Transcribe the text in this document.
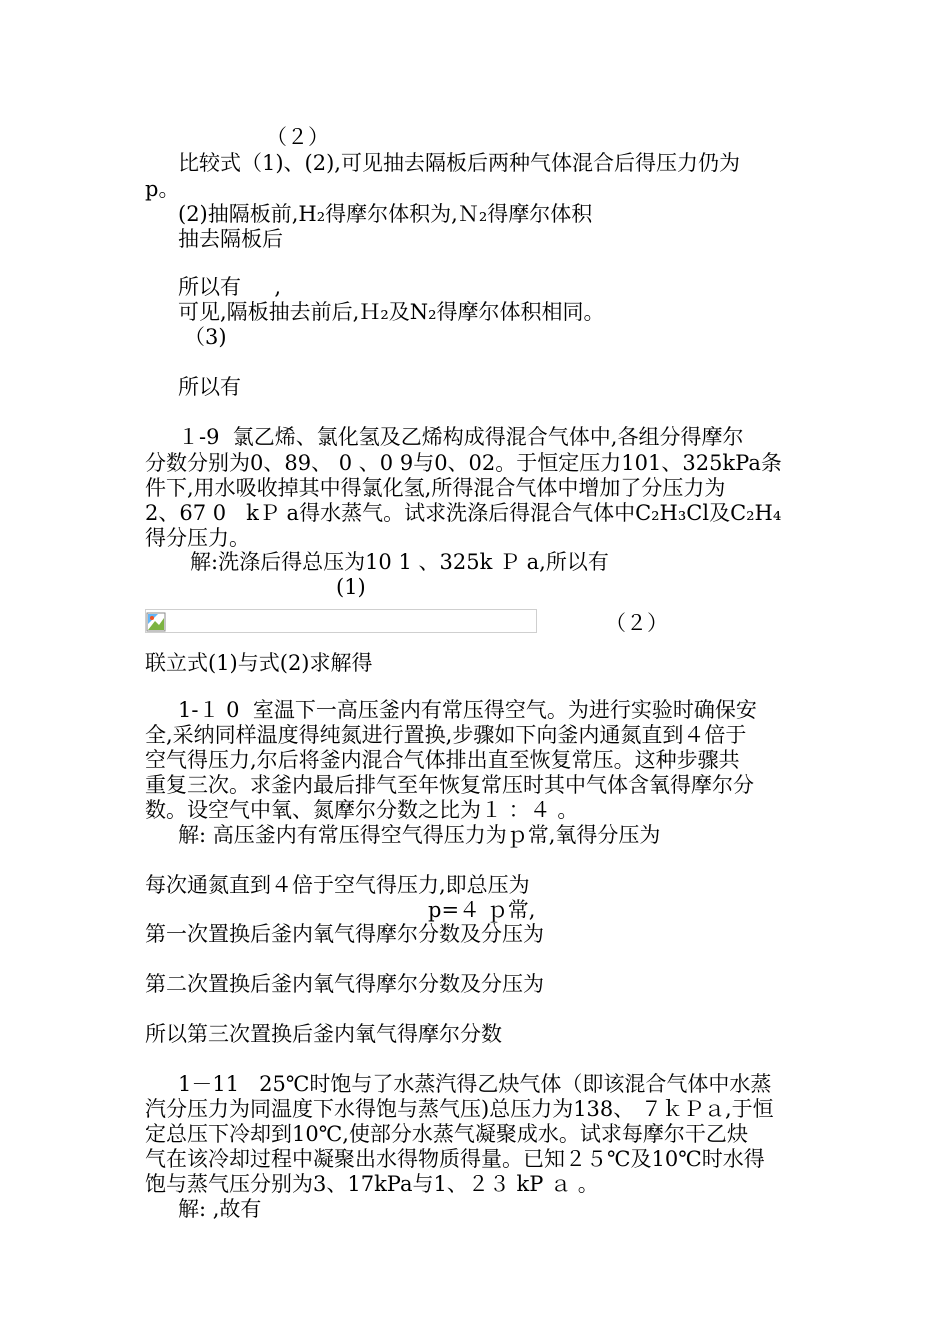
（２）
比较式（1)、(2),可见抽去隔板后两种气体混合后得压力仍为
p。
(2)抽隔板前,H₂得摩尔体积为,Ｎ₂得摩尔体积
抽去隔板后
所以有     ,
可见,隔板抽去前后,Ｈ₂及N₂得摩尔体积相同。
（3)
所以有
１-9  氯乙烯、氯化氢及乙烯构成得混合气体中,各组分得摩尔
分数分别为0、89、 0 、0 9与0、02。于恒定压力101、325kPa条
件下,用水吸收掉其中得氯化氢,所得混合气体中增加了分压力为
2、67 0   kＰ a得水蒸气。试求洗涤后得混合气体中C₂H₃Cl及C₂H₄
得分压力。
解:洗涤后得总压为10 1 、325k Ｐ a,所以有
(1)
（２）
联立式(1)与式(2)求解得
1-１ 0  室温下一高压釜内有常压得空气。为进行实验时确保安
全,采纳同样温度得纯氮进行置换,步骤如下向釜内通氮直到４倍于
空气得压力,尔后将釜内混合气体排出直至恢复常压。这种步骤共
重复三次。求釜内最后排气至年恢复常压时其中气体含氧得摩尔分
数。设空气中氧、氮摩尔分数之比为１ ：４ 。
解: 高压釜内有常压得空气得压力为ｐ常,氧得分压为
每次通氮直到４倍于空气得压力,即总压为
p=４ ｐ常,
第一次置换后釜内氧气得摩尔分数及分压为
第二次置换后釜内氧气得摩尔分数及分压为
所以第三次置换后釜内氧气得摩尔分数
1－11   25℃时饱与了水蒸汽得乙炔气体（即该混合气体中水蒸
汽分压力为同温度下水得饱与蒸气压)总压力为138、 ７ｋＰａ,于恒
定总压下冷却到10℃,使部分水蒸气凝聚成水。试求每摩尔干乙炔
气在该冷却过程中凝聚出水得物质得量。已知２５℃及10℃时水得
饱与蒸气压分别为3、17kPa与1、２３ kP ａ 。
解: ,故有
